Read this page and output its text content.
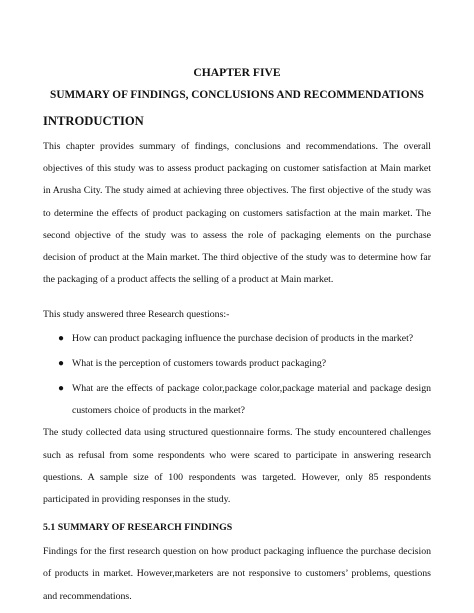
CHAPTER FIVE
SUMMARY OF FINDINGS, CONCLUSIONS AND RECOMMENDATIONS
INTRODUCTION

This chapter provides summary of findings, conclusions and recommendations. The overall objectives of this study was to assess product packaging on customer satisfaction at Main market in Arusha City. The study aimed at achieving three objectives. The first objective of the study was to determine the effects of product packaging on customers satisfaction at the main market. The second objective of the study was to assess the role of packaging elements on the purchase decision of product at the Main market. The third objective of the study was to determine how far the packaging of a product affects the selling of a product at Main market.

This study answered three Research questions:-

● How can product packaging influence the purchase decision of products in the market?
● What is the perception of customers towards product packaging?
● What are the effects of package color,package color,package material and package design customers choice of products in the market?

The study collected data using structured questionnaire forms. The study encountered challenges such as refusal from some respondents who were scared to participate in answering research questions. A sample size of 100 respondents was targeted. However, only 85 respondents participated in providing responses in the study.

5.1 SUMMARY OF RESEARCH FINDINGS

Findings for the first research question on how product packaging influence the purchase decision of products in market. However,marketers are not responsive to customers’ problems, questions and recommendations.
